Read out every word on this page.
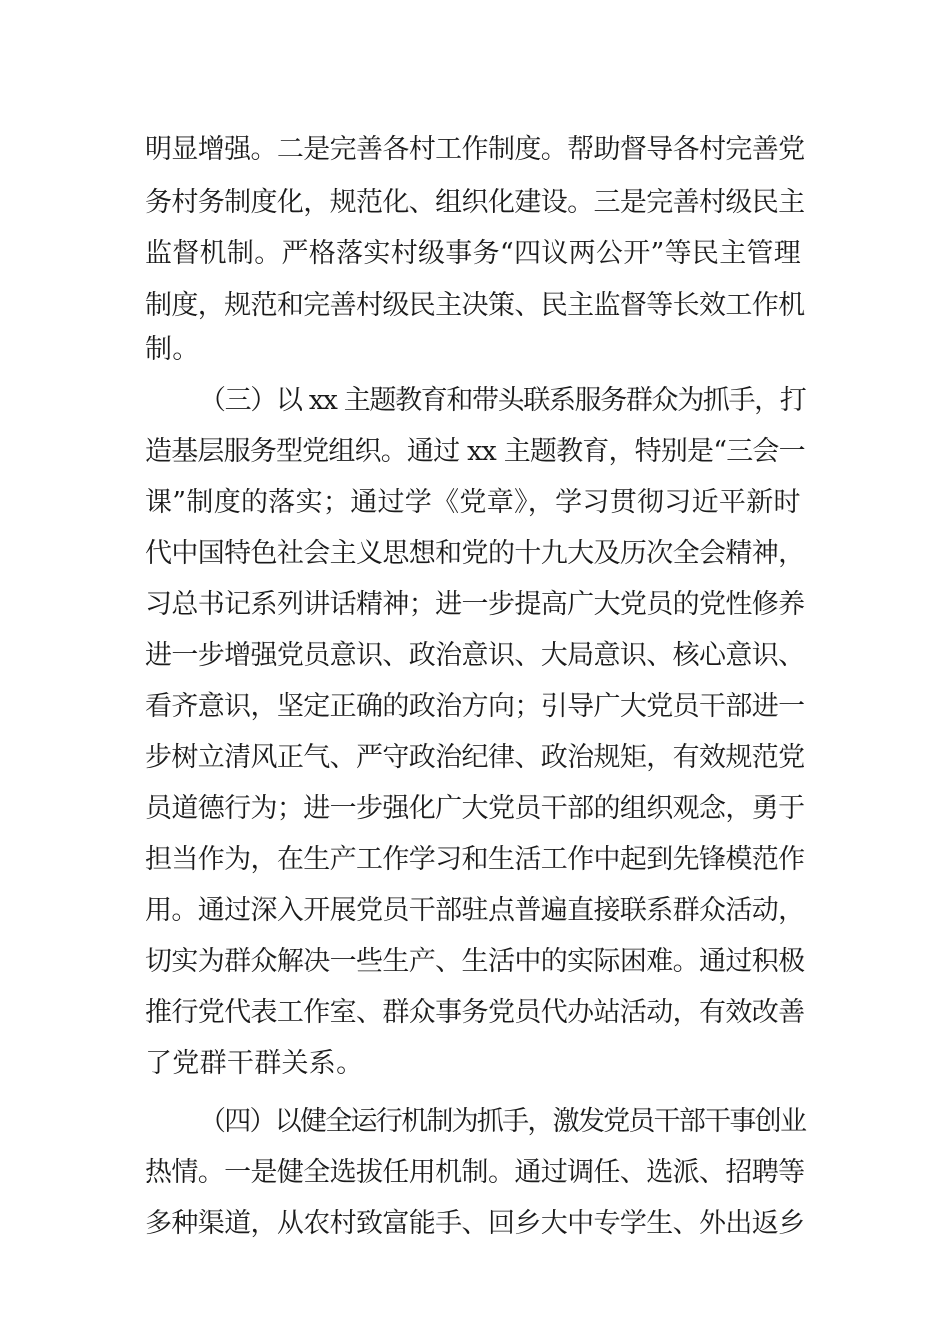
明显增强。二是完善各村工作制度。帮助督导各村完善党
务村务制度化，规范化、组织化建设。三是完善村级民主
监督机制。严格落实村级事务“四议两公开”等民主管理
制度，规范和完善村级民主决策、民主监督等长效工作机
制。
（三）以 xx 主题教育和带头联系服务群众为抓手，打
造基层服务型党组织。通过 xx 主题教育，特别是“三会一
课”制度的落实；通过学《党章》，学习贯彻习近平新时
代中国特色社会主义思想和党的十九大及历次全会精神，
习总书记系列讲话精神；进一步提高广大党员的党性修养
进一步增强党员意识、政治意识、大局意识、核心意识、
看齐意识，坚定正确的政治方向；引导广大党员干部进一
步树立清风正气、严守政治纪律、政治规矩，有效规范党
员道德行为；进一步强化广大党员干部的组织观念，勇于
担当作为，在生产工作学习和生活工作中起到先锋模范作
用。通过深入开展党员干部驻点普遍直接联系群众活动，
切实为群众解决一些生产、生活中的实际困难。通过积极
推行党代表工作室、群众事务党员代办站活动，有效改善
了党群干群关系。
（四）以健全运行机制为抓手，激发党员干部干事创业
热情。一是健全选拔任用机制。通过调任、选派、招聘等
多种渠道，从农村致富能手、回乡大中专学生、外出返乡
